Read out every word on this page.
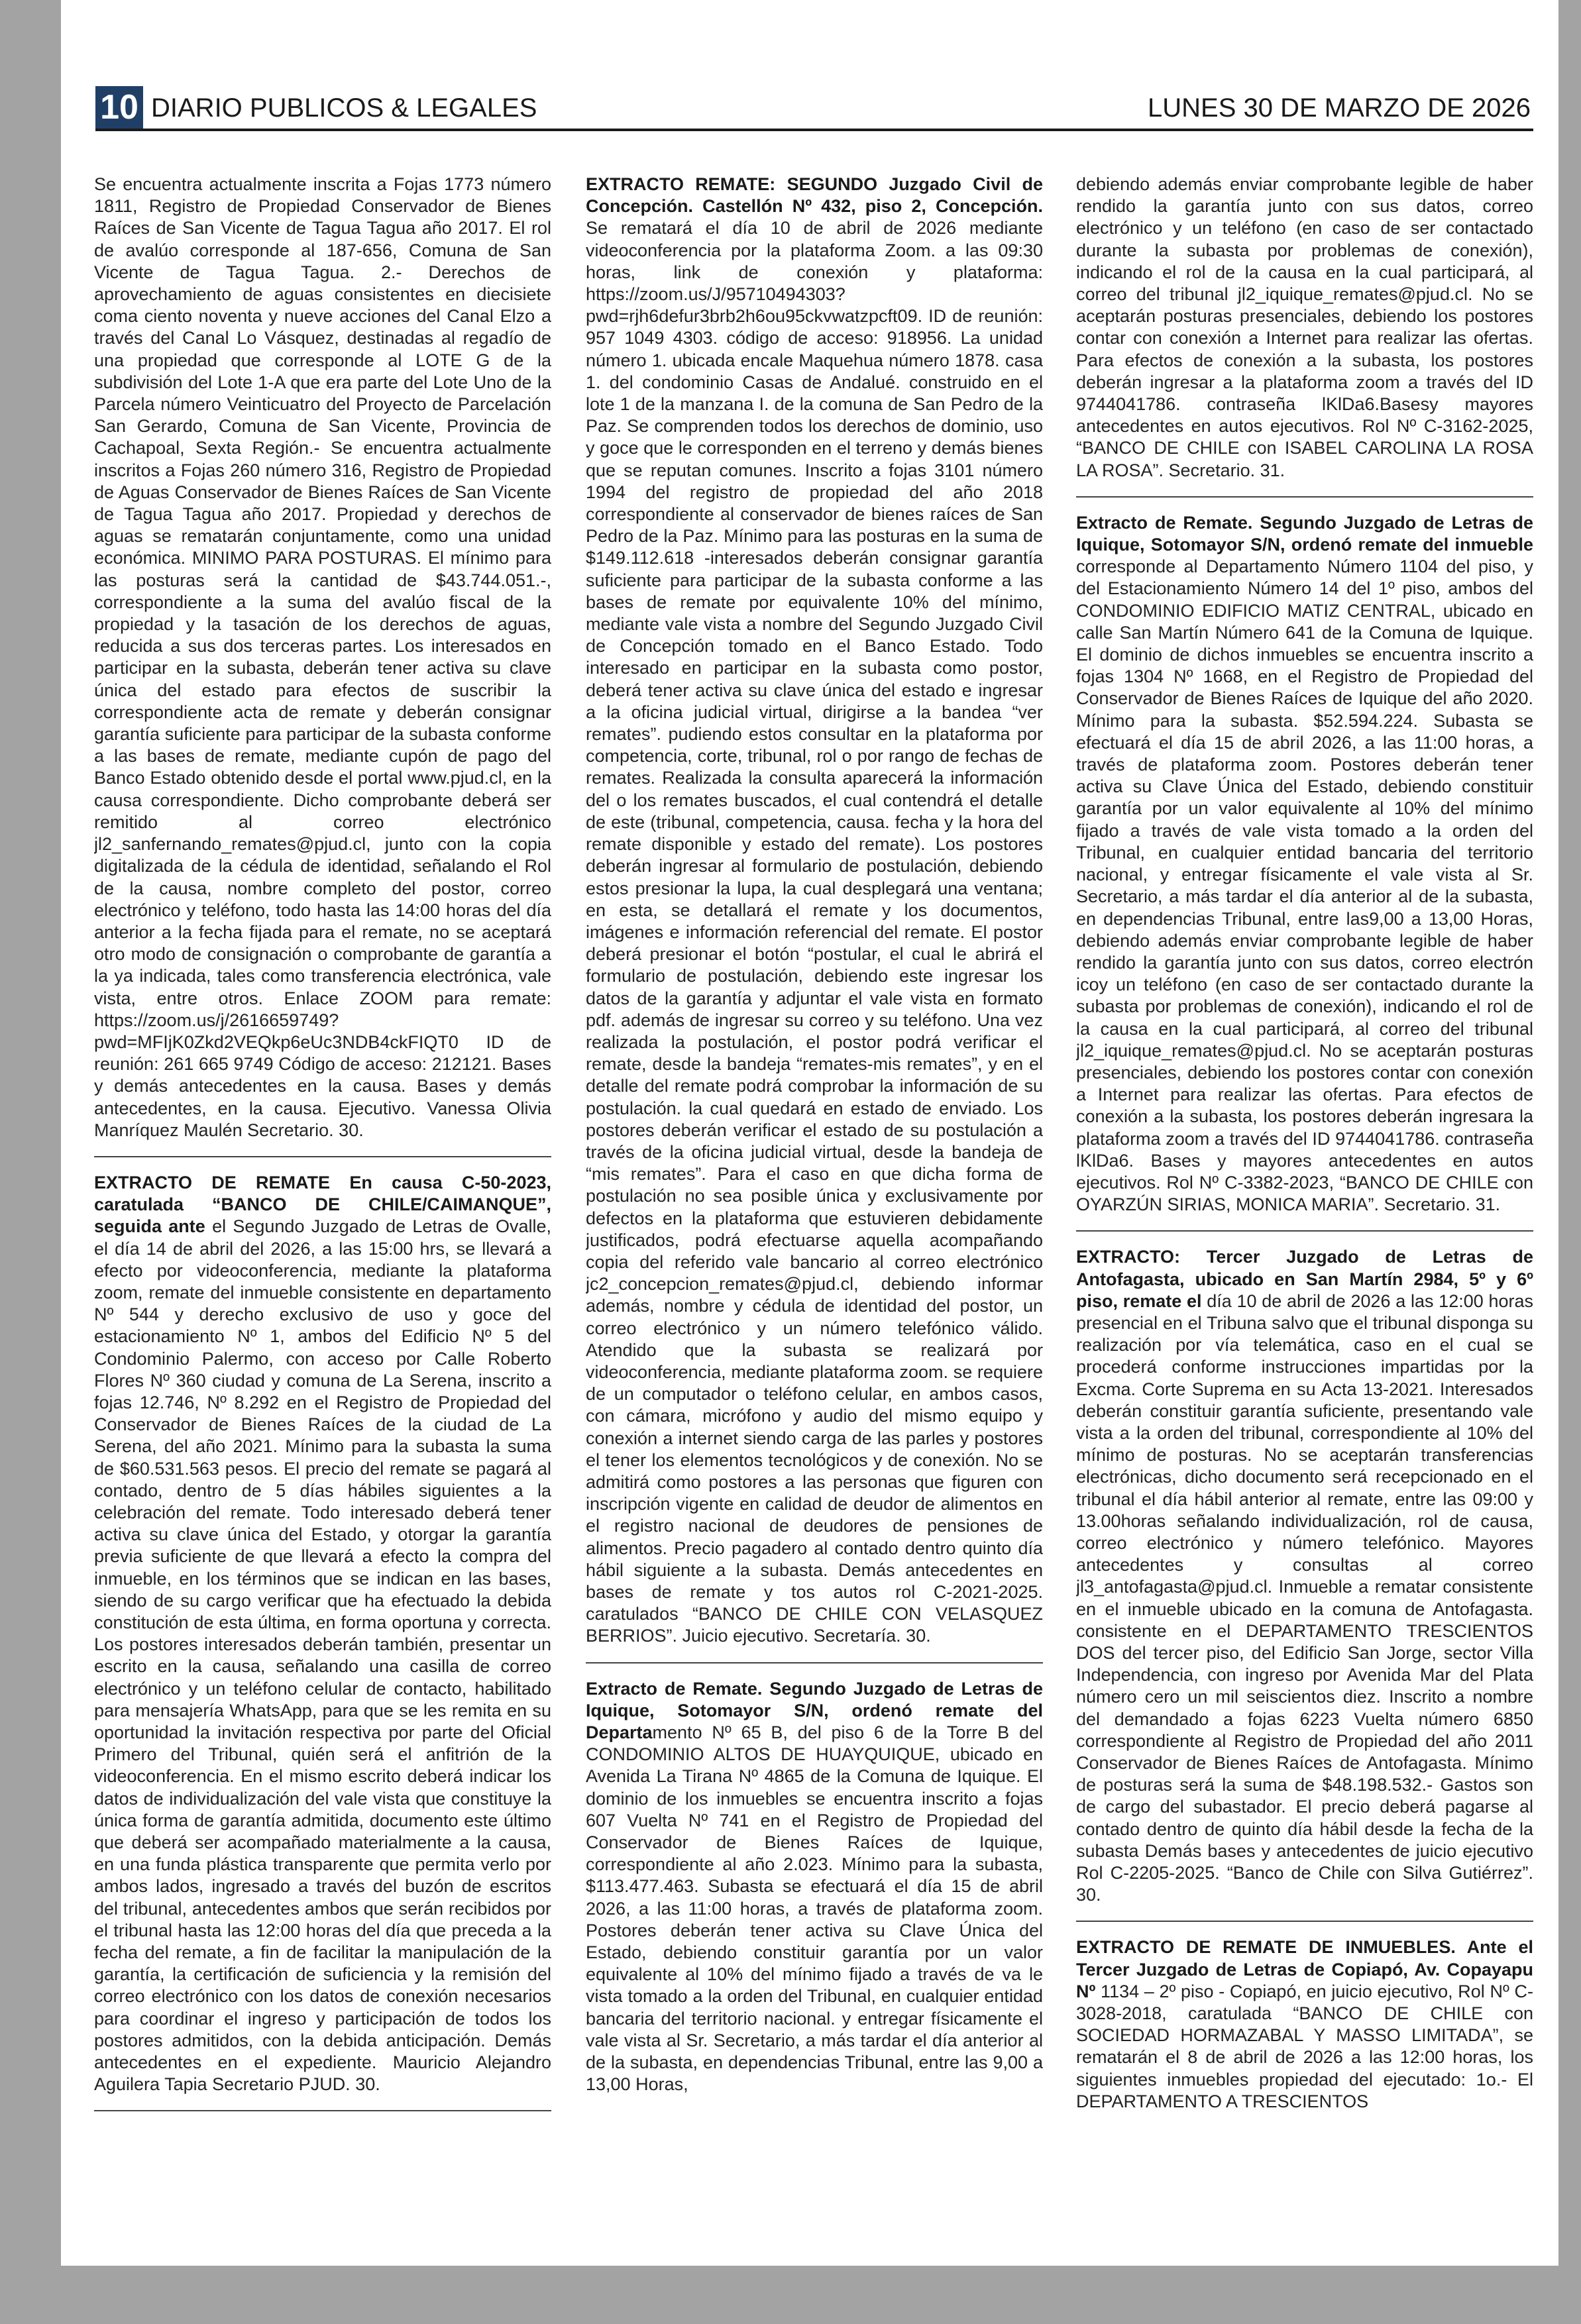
10 DIARIO PUBLICOS & LEGALES	LUNES 30 DE MARZO DE 2026

Se encuentra actualmente inscrita a Fojas 1773 número 1811, Registro de Propiedad Conservador de Bienes Raíces de San Vicente de Tagua Tagua año 2017. El rol de avalúo corresponde al 187-656, Comuna de San Vicente de Tagua Tagua. 2.- Derechos de aprovechamiento de aguas consistentes en diecisiete coma ciento noventa y nueve acciones del Canal Elzo a través del Canal Lo Vásquez, destinadas al regadío de una propiedad que corresponde al LOTE G de la subdivisión del Lote 1-A que era parte del Lote Uno de la Parcela número Veinticuatro del Proyecto de Parcelación San Gerardo, Comuna de San Vicente, Provincia de Cachapoal, Sexta Región.- Se encuentra actualmente inscritos a Fojas 260 número 316, Registro de Propiedad de Aguas Conservador de Bienes Raíces de San Vicente de Tagua Tagua año 2017. Propiedad y derechos de aguas se rematarán conjuntamente, como una unidad económica. MINIMO PARA POSTURAS. El mínimo para las posturas será la cantidad de $43.744.051.-, correspondiente a la suma del avalúo fiscal de la propiedad y la tasación de los derechos de aguas, reducida a sus dos terceras partes. Los interesados en participar en la subasta, deberán tener activa su clave única del estado para efectos de suscribir la correspondiente acta de remate y deberán consignar garantía suficiente para participar de la subasta conforme a las bases de remate, mediante cupón de pago del Banco Estado obtenido desde el portal www.pjud.cl, en la causa correspondiente. Dicho comprobante deberá ser remitido al correo electrónico jl2_sanfernando_remates@pjud.cl, junto con la copia digitalizada de la cédula de identidad, señalando el Rol de la causa, nombre completo del postor, correo electrónico y teléfono, todo hasta las 14:00 horas del día anterior a la fecha fijada para el remate, no se aceptará otro modo de consignación o comprobante de garantía a la ya indicada, tales como transferencia electrónica, vale vista, entre otros. Enlace ZOOM para remate: https://zoom.us/j/2616659749?pwd=MFIjK0Zkd2VEQkp6eUc3NDB4ckFIQT0 ID de reunión: 261 665 9749 Código de acceso: 212121. Bases y demás antecedentes en la causa. Bases y demás antecedentes, en la causa. Ejecutivo. Vanessa Olivia Manríquez Maulén Secretario. 30.

EXTRACTO DE REMATE En causa C-50-2023, caratulada “BANCO DE CHILE/CAIMANQUE”, seguida ante el Segundo Juzgado de Letras de Ovalle, el día 14 de abril del 2026, a las 15:00 hrs, se llevará a efecto por videoconferencia, mediante la plataforma zoom, remate del inmueble consistente en departamento Nº 544 y derecho exclusivo de uso y goce del estacionamiento Nº 1, ambos del Edificio Nº 5 del Condominio Palermo, con acceso por Calle Roberto Flores Nº 360 ciudad y comuna de La Serena, inscrito a fojas 12.746, Nº 8.292 en el Registro de Propiedad del Conservador de Bienes Raíces de la ciudad de La Serena, del año 2021. Mínimo para la subasta la suma de $60.531.563 pesos. El precio del remate se pagará al contado, dentro de 5 días hábiles siguientes a la celebración del remate. Todo interesado deberá tener activa su clave única del Estado, y otorgar la garantía previa suficiente de que llevará a efecto la compra del inmueble, en los términos que se indican en las bases, siendo de su cargo verificar que ha efectuado la debida constitución de esta última, en forma oportuna y correcta. Los postores interesados deberán también, presentar un escrito en la causa, señalando una casilla de correo electrónico y un teléfono celular de contacto, habilitado para mensajería WhatsApp, para que se les remita en su oportunidad la invitación respectiva por parte del Oficial Primero del Tribunal, quién será el anfitrión de la videoconferencia. En el mismo escrito deberá indicar los datos de individualización del vale vista que constituye la única forma de garantía admitida, documento este último que deberá ser acompañado materialmente a la causa, en una funda plástica transparente que permita verlo por ambos lados, ingresado a través del buzón de escritos del tribunal, antecedentes ambos que serán recibidos por el tribunal hasta las 12:00 horas del día que preceda a la fecha del remate, a fin de facilitar la manipulación de la garantía, la certificación de suficiencia y la remisión del correo electrónico con los datos de conexión necesarios para coordinar el ingreso y participación de todos los postores admitidos, con la debida anticipación. Demás antecedentes en el expediente. Mauricio Alejandro Aguilera Tapia Secretario PJUD. 30.

EXTRACTO REMATE: SEGUNDO Juzgado Civil de Concepción. Castellón Nº 432, piso 2, Concepción. Se rematará el día 10 de abril de 2026 mediante videoconferencia por la plataforma Zoom. a las 09:30 horas, link de conexión y plataforma: https://zoom.us/J/95710494303?pwd=rjh6defur3brb2h6ou95ckvwatzpcft09. ID de reunión: 957 1049 4303. código de acceso: 918956. La unidad número 1. ubicada encale Maquehua número 1878. casa 1. del condominio Casas de Andalué. construido en el lote 1 de la manzana I. de la comuna de San Pedro de la Paz. Se comprenden todos los derechos de dominio, uso y goce que le corresponden en el terreno y demás bienes que se reputan comunes. Inscrito a fojas 3101 número 1994 del registro de propiedad del año 2018 correspondiente al conservador de bienes raíces de San Pedro de la Paz. Mínimo para las posturas en la suma de $149.112.618 -interesados deberán consignar garantía suficiente para participar de la subasta conforme a las bases de remate por equivalente 10% del mínimo, mediante vale vista a nombre del Segundo Juzgado Civil de Concepción tomado en el Banco Estado. Todo interesado en participar en la subasta como postor, deberá tener activa su clave única del estado e ingresar a la oficina judicial virtual, dirigirse a la bandea “ver remates”. pudiendo estos consultar en la plataforma por competencia, corte, tribunal, rol o por rango de fechas de remates. Realizada la consulta aparecerá la información del o los remates buscados, el cual contendrá el detalle de este (tribunal, competencia, causa. fecha y la hora del remate disponible y estado del remate). Los postores deberán ingresar al formulario de postulación, debiendo estos presionar la lupa, la cual desplegará una ventana; en esta, se detallará el remate y los documentos, imágenes e información referencial del remate. El postor deberá presionar el botón “postular, el cual le abrirá el formulario de postulación, debiendo este ingresar los datos de la garantía y adjuntar el vale vista en formato pdf. además de ingresar su correo y su teléfono. Una vez realizada la postulación, el postor podrá verificar el remate, desde la bandeja “remates-mis remates”, y en el detalle del remate podrá comprobar la información de su postulación. la cual quedará en estado de enviado. Los postores deberán verificar el estado de su postulación a través de la oficina judicial virtual, desde la bandeja de “mis remates”. Para el caso en que dicha forma de postulación no sea posible única y exclusivamente por defectos en la plataforma que estuvieren debidamente justificados, podrá efectuarse aquella acompañando copia del referido vale bancario al correo electrónico jc2_concepcion_remates@pjud.cl, debiendo informar además, nombre y cédula de identidad del postor, un correo electrónico y un número telefónico válido. Atendido que la subasta se realizará por videoconferencia, mediante plataforma zoom. se requiere de un computador o teléfono celular, en ambos casos, con cámara, micrófono y audio del mismo equipo y conexión a internet siendo carga de las parles y postores el tener los elementos tecnológicos y de conexión. No se admitirá como postores a las personas que figuren con inscripción vigente en calidad de deudor de alimentos en el registro nacional de deudores de pensiones de alimentos. Precio pagadero al contado dentro quinto día hábil siguiente a la subasta. Demás antecedentes en bases de remate y tos autos rol C-2021-2025. caratulados “BANCO DE CHILE CON VELASQUEZ BERRIOS”. Juicio ejecutivo. Secretaría. 30.

Extracto de Remate. Segundo Juzgado de Letras de Iquique, Sotomayor S/N, ordenó remate del Departamento Nº 65 B, del piso 6 de la Torre B del CONDOMINIO ALTOS DE HUAYQUIQUE, ubicado en Avenida La Tirana Nº 4865 de la Comuna de Iquique. El dominio de los inmuebles se encuentra inscrito a fojas 607 Vuelta Nº 741 en el Registro de Propiedad del Conservador de Bienes Raíces de Iquique, correspondiente al año 2.023. Mínimo para la subasta, $113.477.463. Subasta se efectuará el día 15 de abril 2026, a las 11:00 horas, a través de plataforma zoom. Postores deberán tener activa su Clave Única del Estado, debiendo constituir garantía por un valor equivalente al 10% del mínimo fijado a través de va le vista tomado a la orden del Tribunal, en cualquier entidad bancaria del territorio nacional. y entregar físicamente el vale vista al Sr. Secretario, a más tardar el día anterior al de la subasta, en dependencias Tribunal, entre las 9,00 a 13,00 Horas,

debiendo además enviar comprobante legible de haber rendido la garantía junto con sus datos, correo electrónico y un teléfono (en caso de ser contactado durante la subasta por problemas de conexión), indicando el rol de la causa en la cual participará, al correo del tribunal jl2_iquique_remates@pjud.cl. No se aceptarán posturas presenciales, debiendo los postores contar con conexión a Internet para realizar las ofertas. Para efectos de conexión a la subasta, los postores deberán ingresar a la plataforma zoom a través del ID 9744041786. contraseña lKlDa6.Basesy mayores antecedentes en autos ejecutivos. Rol Nº C-3162-2025, “BANCO DE CHILE con ISABEL CAROLINA LA ROSA LA ROSA”. Secretario. 31.

Extracto de Remate. Segundo Juzgado de Letras de Iquique, Sotomayor S/N, ordenó remate del inmueble corresponde al Departamento Número 1104 del piso, y del Estacionamiento Número 14 del 1º piso, ambos del CONDOMINIO EDIFICIO MATIZ CENTRAL, ubicado en calle San Martín Número 641 de la Comuna de Iquique. El dominio de dichos inmuebles se encuentra inscrito a fojas 1304 Nº 1668, en el Registro de Propiedad del Conservador de Bienes Raíces de Iquique del año 2020. Mínimo para la subasta. $52.594.224. Subasta se efectuará el día 15 de abril 2026, a las 11:00 horas, a través de plataforma zoom. Postores deberán tener activa su Clave Única del Estado, debiendo constituir garantía por un valor equivalente al 10% del mínimo fijado a través de vale vista tomado a la orden del Tribunal, en cualquier entidad bancaria del territorio nacional, y entregar físicamente el vale vista al Sr. Secretario, a más tardar el día anterior al de la subasta, en dependencias Tribunal, entre las9,00 a 13,00 Horas, debiendo además enviar comprobante legible de haber rendido la garantía junto con sus datos, correo electrón icoy un teléfono (en caso de ser contactado durante la subasta por problemas de conexión), indicando el rol de la causa en la cual participará, al correo del tribunal jl2_iquique_remates@pjud.cl. No se aceptarán posturas presenciales, debiendo los postores contar con conexión a Internet para realizar las ofertas. Para efectos de conexión a la subasta, los postores deberán ingresara la plataforma zoom a través del ID 9744041786. contraseña lKlDa6. Bases y mayores antecedentes en autos ejecutivos. Rol Nº C-3382-2023, “BANCO DE CHILE con OYARZÚN SIRIAS, MONICA MARIA”. Secretario. 31.

EXTRACTO: Tercer Juzgado de Letras de Antofagasta, ubicado en San Martín 2984, 5º y 6º piso, remate el día 10 de abril de 2026 a las 12:00 horas presencial en el Tribuna salvo que el tribunal disponga su realización por vía telemática, caso en el cual se procederá conforme instrucciones impartidas por la Excma. Corte Suprema en su Acta 13-2021. Interesados deberán constituir garantía suficiente, presentando vale vista a la orden del tribunal, correspondiente al 10% del mínimo de posturas. No se aceptarán transferencias electrónicas, dicho documento será recepcionado en el tribunal el día hábil anterior al remate, entre las 09:00 y 13.00horas señalando individualización, rol de causa, correo electrónico y número telefónico. Mayores antecedentes y consultas al correo jl3_antofagasta@pjud.cl. Inmueble a rematar consistente en el inmueble ubicado en la comuna de Antofagasta. consistente en el DEPARTAMENTO TRESCIENTOS DOS del tercer piso, del Edificio San Jorge, sector Villa Independencia, con ingreso por Avenida Mar del Plata número cero un mil seiscientos diez. Inscrito a nombre del demandado a fojas 6223 Vuelta número 6850 correspondiente al Registro de Propiedad del año 2011 Conservador de Bienes Raíces de Antofagasta. Mínimo de posturas será la suma de $48.198.532.- Gastos son de cargo del subastador. El precio deberá pagarse al contado dentro de quinto día hábil desde la fecha de la subasta Demás bases y antecedentes de juicio ejecutivo Rol C-2205-2025. “Banco de Chile con Silva Gutiérrez”. 30.

EXTRACTO DE REMATE DE INMUEBLES. Ante el Tercer Juzgado de Letras de Copiapó, Av. Copayapu Nº 1134 – 2º piso - Copiapó, en juicio ejecutivo, Rol Nº C-3028-2018, caratulada “BANCO DE CHILE con SOCIEDAD HORMAZABAL Y MASSO LIMITADA”, se rematarán el 8 de abril de 2026 a las 12:00 horas, los siguientes inmuebles propiedad del ejecutado: 1o.- El DEPARTAMENTO A TRESCIENTOS
